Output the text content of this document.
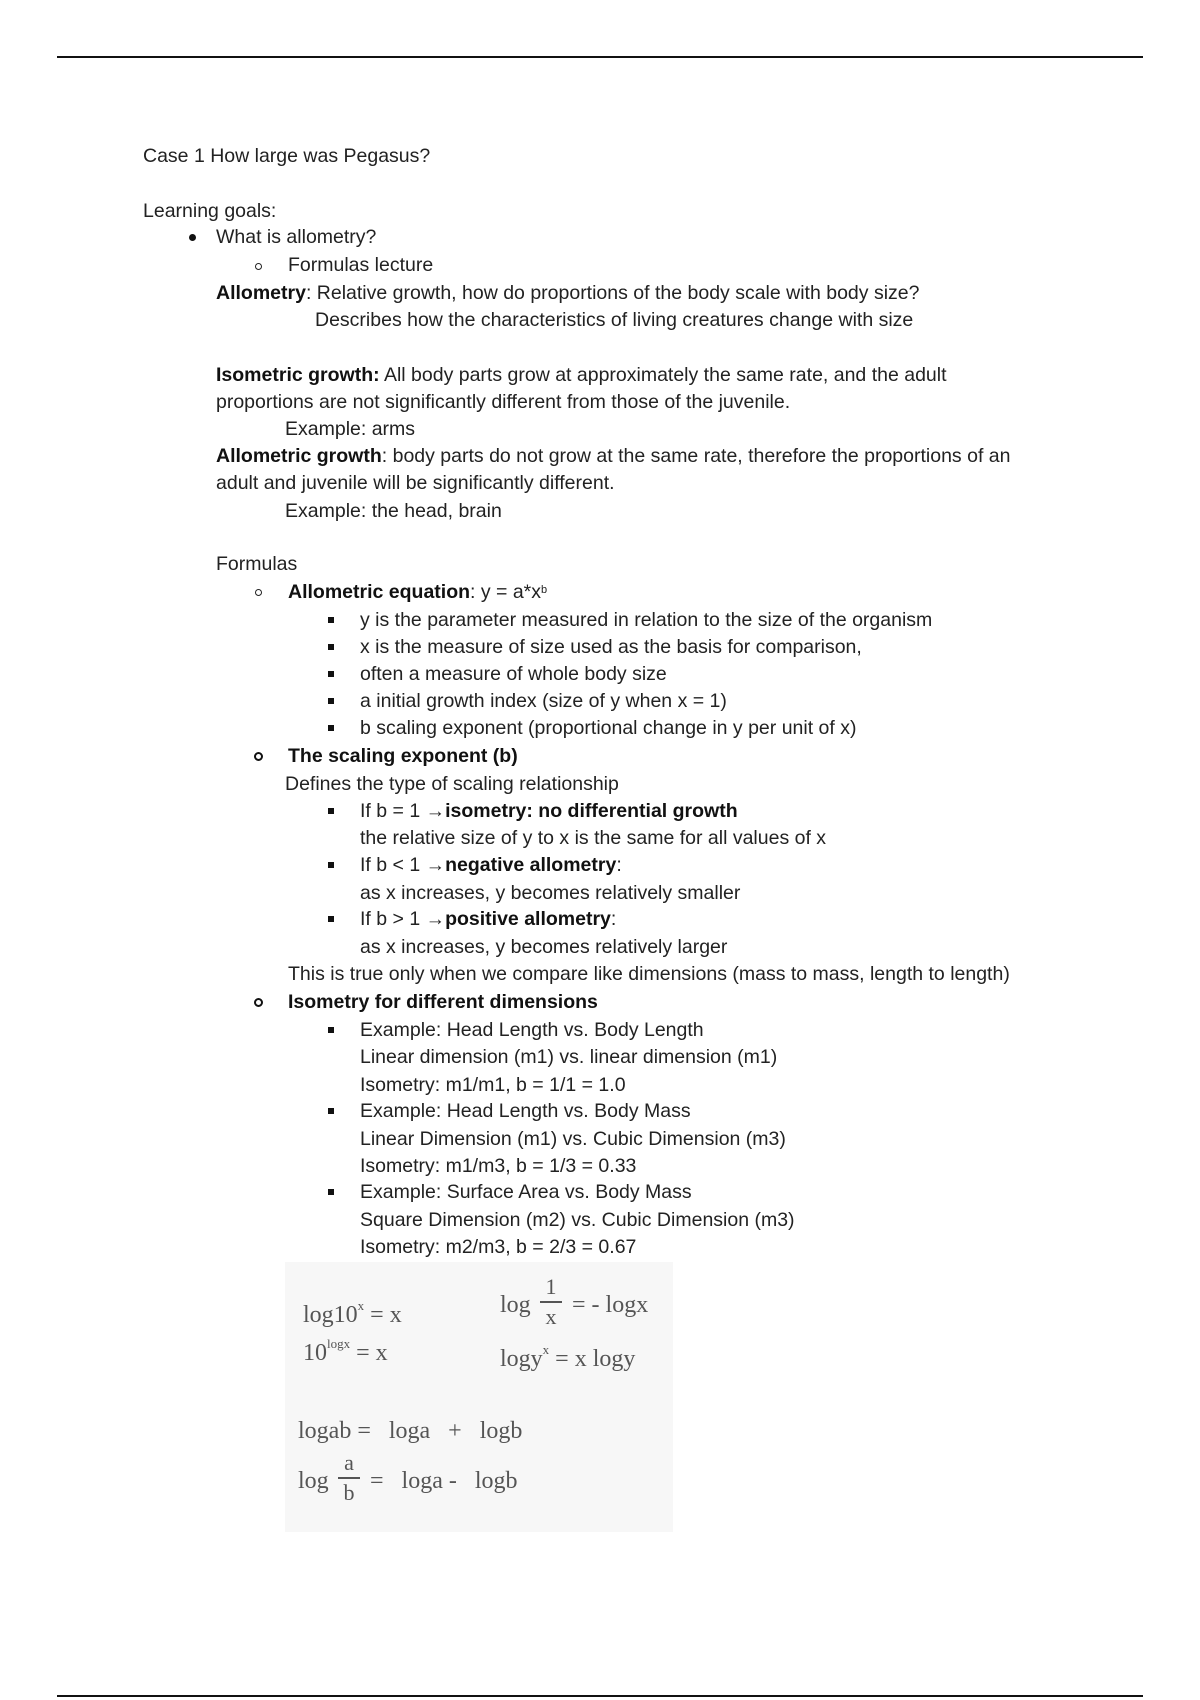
Case 1 How large was Pegasus?
Learning goals:
What is allometry?
Formulas lecture
Allometry: Relative growth, how do proportions of the body scale with body size?
Describes how the characteristics of living creatures change with size
Isometric growth: All body parts grow at approximately the same rate, and the adult
proportions are not significantly different from those of the juvenile.
Example: arms
Allometric growth: body parts do not grow at the same rate, therefore the proportions of an
adult and juvenile will be significantly different.
Example: the head, brain
Formulas
Allometric equation: $y = a*x^b$
y is the parameter measured in relation to the size of the organism
x is the measure of size used as the basis for comparison,
often a measure of whole body size
a initial growth index (size of y when x = 1)
b scaling exponent (proportional change in y per unit of x)
The scaling exponent (b)
Defines the type of scaling relationship
If b = 1 →isometry: no differential growth
the relative size of y to x is the same for all values of x
If b < 1 →negative allometry:
as x increases, y becomes relatively smaller
If b > 1 →positive allometry:
as x increases, y becomes relatively larger
This is true only when we compare like dimensions (mass to mass, length to length)
Isometry for different dimensions
Example: Head Length vs. Body Length
Linear dimension (m1) vs. linear dimension (m1)
Isometry: m1/m1, b = 1/1 = 1.0
Example: Head Length vs. Body Mass
Linear Dimension (m1) vs. Cubic Dimension (m3)
Isometry: m1/m3, b = 1/3 = 0.33
Example: Surface Area vs. Body Mass
Square Dimension (m2) vs. Cubic Dimension (m3)
Isometry: m2/m3, b = 2/3 = 0.67
$\log 10^x = x$
$10^{logx} = x$
log
1
x = - logx
logy$^x$ = x logy
logab =   loga   +   logb
log
a
b =   loga -   logb
